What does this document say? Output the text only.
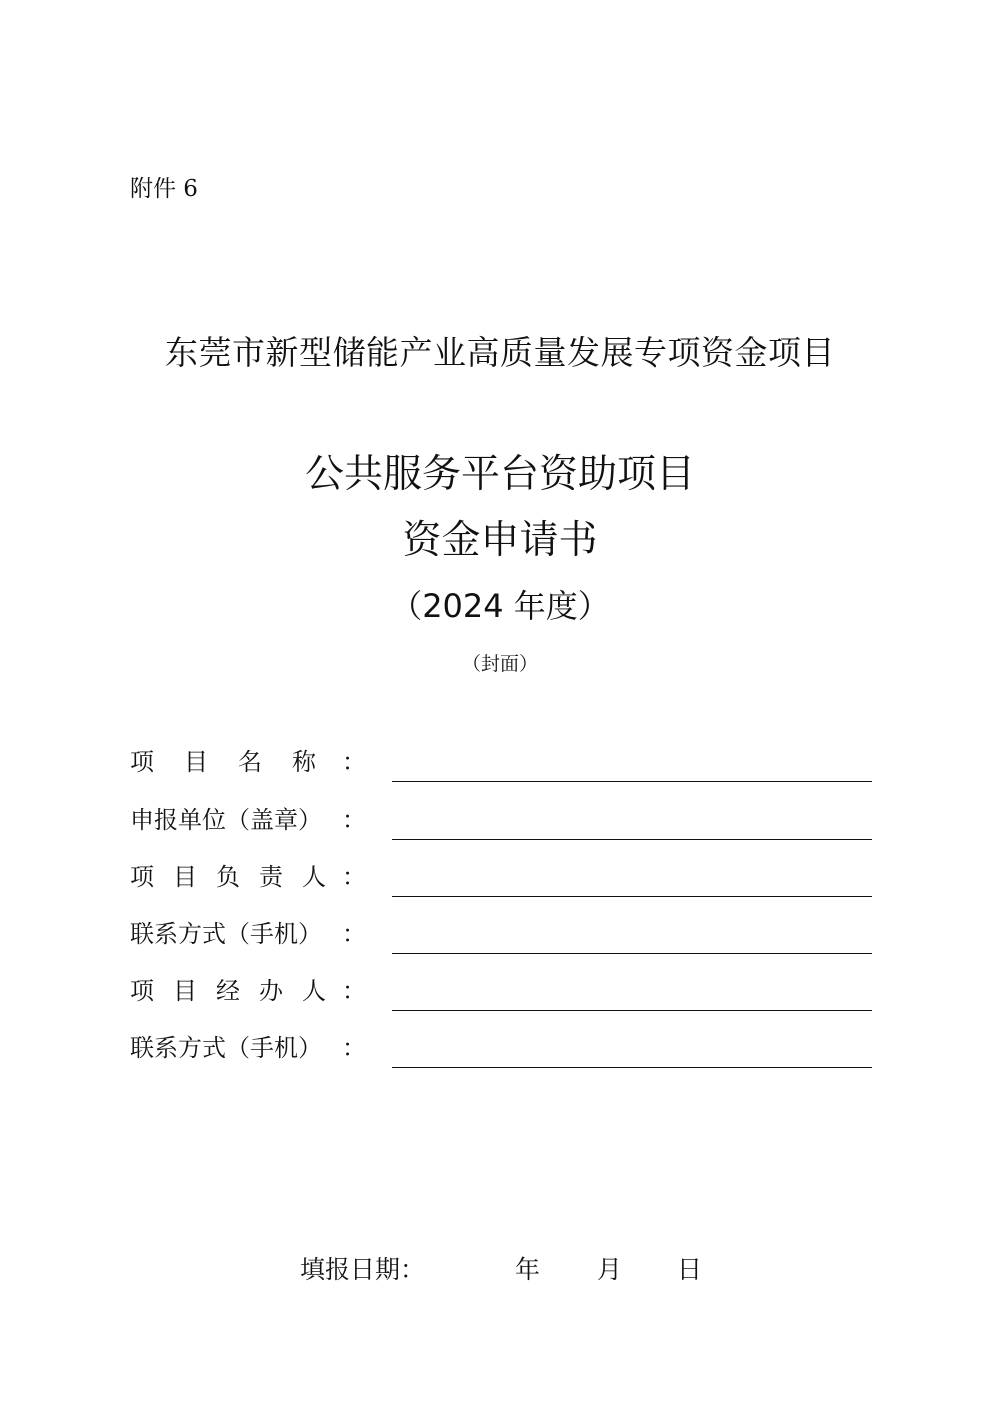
附件 6
东莞市新型储能产业高质量发展专项资金项目
公共服务平台资助项目
资金申请书
（2024 年度）
（封面）
项目名称
：
申报单位（盖章） ：
项目负责人
：
联系方式（手机） ：
项目经办人
：
联系方式（手机） ：
填报日期：	年 月 日
